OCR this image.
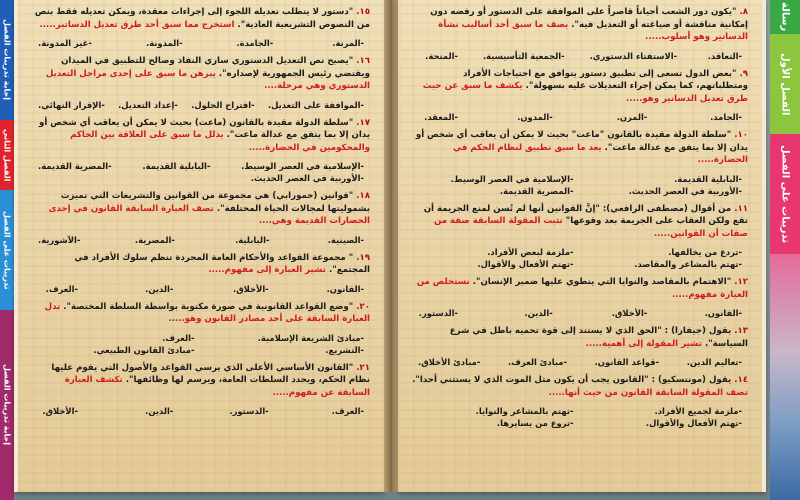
إجابة تدريبات الفصل
الفصل الثاني
تدريبات على الفصل
إجابة تدريبات الفصل
١٥. "دستور لا يتطلب تعديله اللجوء إلى إجراءات معقدة، ويمكن تعديله فقط بنص من النصوص التشريعية العادية". استخرج مما سبق أحد طرق تعديل الدساتير.....
-المرنة.
-الجامدة.
-المدونة.
-غير المدونة.
١٦. "يصبح نص التعديل الدستوري ساري النفاذ وصالح للتطبيق في الميدان ويقتضي رئيس الجمهورية لإصداره". يبرهن ما سبق على إحدى مراحل التعديل الدستوري وهي مرحلة....
-الموافقة على التعديل.
-اقتراح الحلول.
-إعداد التعديل.
-الإقرار النهائي.
١٧. "سلطة الدولة مقيدة بالقانون (ماعت) بحيث لا يمكن أن يعاقب أي شخص أو يدان إلا بما يتفق مع عدالة ماعت". يدلل ما سبق على العلاقة بين الحاكم والمحكومين في الحضارة.....
-الإسلامية في العصر الوسيط.
-البابلية القديمة.
-المصرية القديمة.
-الأوربية في العصر الحديث.
١٨. "قوانين (حمورابي) هي مجموعة من القوانين والتشريعات التي تميزت بشموليتها لمجالات الحياة المختلفة". تصف العبارة السابقة القانون في إحدى الحضارات القديمة وهي....
-الصينية.
-البابلية.
-المصرية.
-الآشورية.
١٩. " مجموعة القواعد والأحكام العامة المجردة تنظم سلوك الأفراد في المجتمع". تشير العبارة إلى مفهوم.....
-القانون.
-الأخلاق.
-الدين.
-العرف.
٢٠. "وضع القواعد القانونية في صورة مكتوبة بواسطة السلطة المختصة". تدل العبارة السابقة على أحد مصادر القانون وهو.....
-مبادئ الشريعة الإسلامية.
-العرف.
-التشريع.
-مبادئ القانون الطبيعي.
٢١. "القانون الأساسي الأعلى الذي يرسي القواعد والأصول التي يقوم عليها نظام الحكم، ويحدد السلطات العامة، ويرسم لها وظائفها". تكشف العبارة السابقة عن مفهوم.....
-العرف.
-الدستور.
-الدين.
-الأخلاق.
٨. "يكون دور الشعب أحياناً قاصراً على الموافقة على الدستور أو رفضه دون إمكانية مناقشة أو صياغته أو التعديل فيه". يصف ما سبق أحد أساليب نشأة الدساتير وهو أسلوب.....
-التعاقد.
-الاستفتاء الدستوري.
-الجمعية التأسيسية.
-المنحة.
٩. "بعض الدول تسعى إلى تطبيق دستور يتوافق مع احتياجات الأفراد ومتطلباتهم، كما يمكن إجراء التعديلات عليه بسهولة". يكشف ما سبق عن حيث طرق تعديل الدساتير وهو.....
-الجامد.
-المرن.
-المدون.
-المعقد.
١٠. "سلطة الدولة مقيدة بالقانون "ماعت" بحيث لا يمكن أن يعاقب أي شخص أو يدان إلا بما يتفق مع عدالة ماعت". يعد ما سبق تطبيق لنظام الحكم في الحضارة.....
-البابلية القديمة.
-الإسلامية في العصر الوسيط.
-الأوربية في العصر الحديث.
-المصرية القديمة.
١١. من أقوال (مصطفى الرافعي): "إنَّ القوانين أنها لم تُسن لمنع الجريمة أن تقع ولكن العقاب على الجريمة بعد وقوعها" تثبت المقولة السابقة صفة من صفات أن القوانين.....
-تردع من يخالفها.
-ملزمة لبعض الأفراد.
-تهتم بالمشاعر والمقاصد.
-تهتم الأفعال والأقوال.
١٢. "الاهتمام بالمقاصد والنوايا التي ينطوي عليها ضمير الإنسان". نستخلص من العبارة مفهوم.....
-القانون.
-الأخلاق.
-الدين.
-الدستور.
١٣. يقول (جيفارا) : "الحق الذي لا يستند إلى قوة تحميه باطل في شرع السياسة". تشير المقولة إلى أهمية.....
-تعاليم الدين.
-قواعد القانون.
-مبادئ العرف.
-مبادئ الأخلاق.
١٤. يقول (مونتسكيو) : "القانون يجب أن يكون مثل الموت الذي لا يستثني أحدا". تصف المقولة السابقة القانون من حيث أنها.....
-ملزمة لجميع الأفراد.
-تهتم بالمشاعر والنوايا.
-تهتم الأفعال والأقوال.
-تروع من يسايرها.
رسالة
الفصل الأول
تدريبات على الفصل
